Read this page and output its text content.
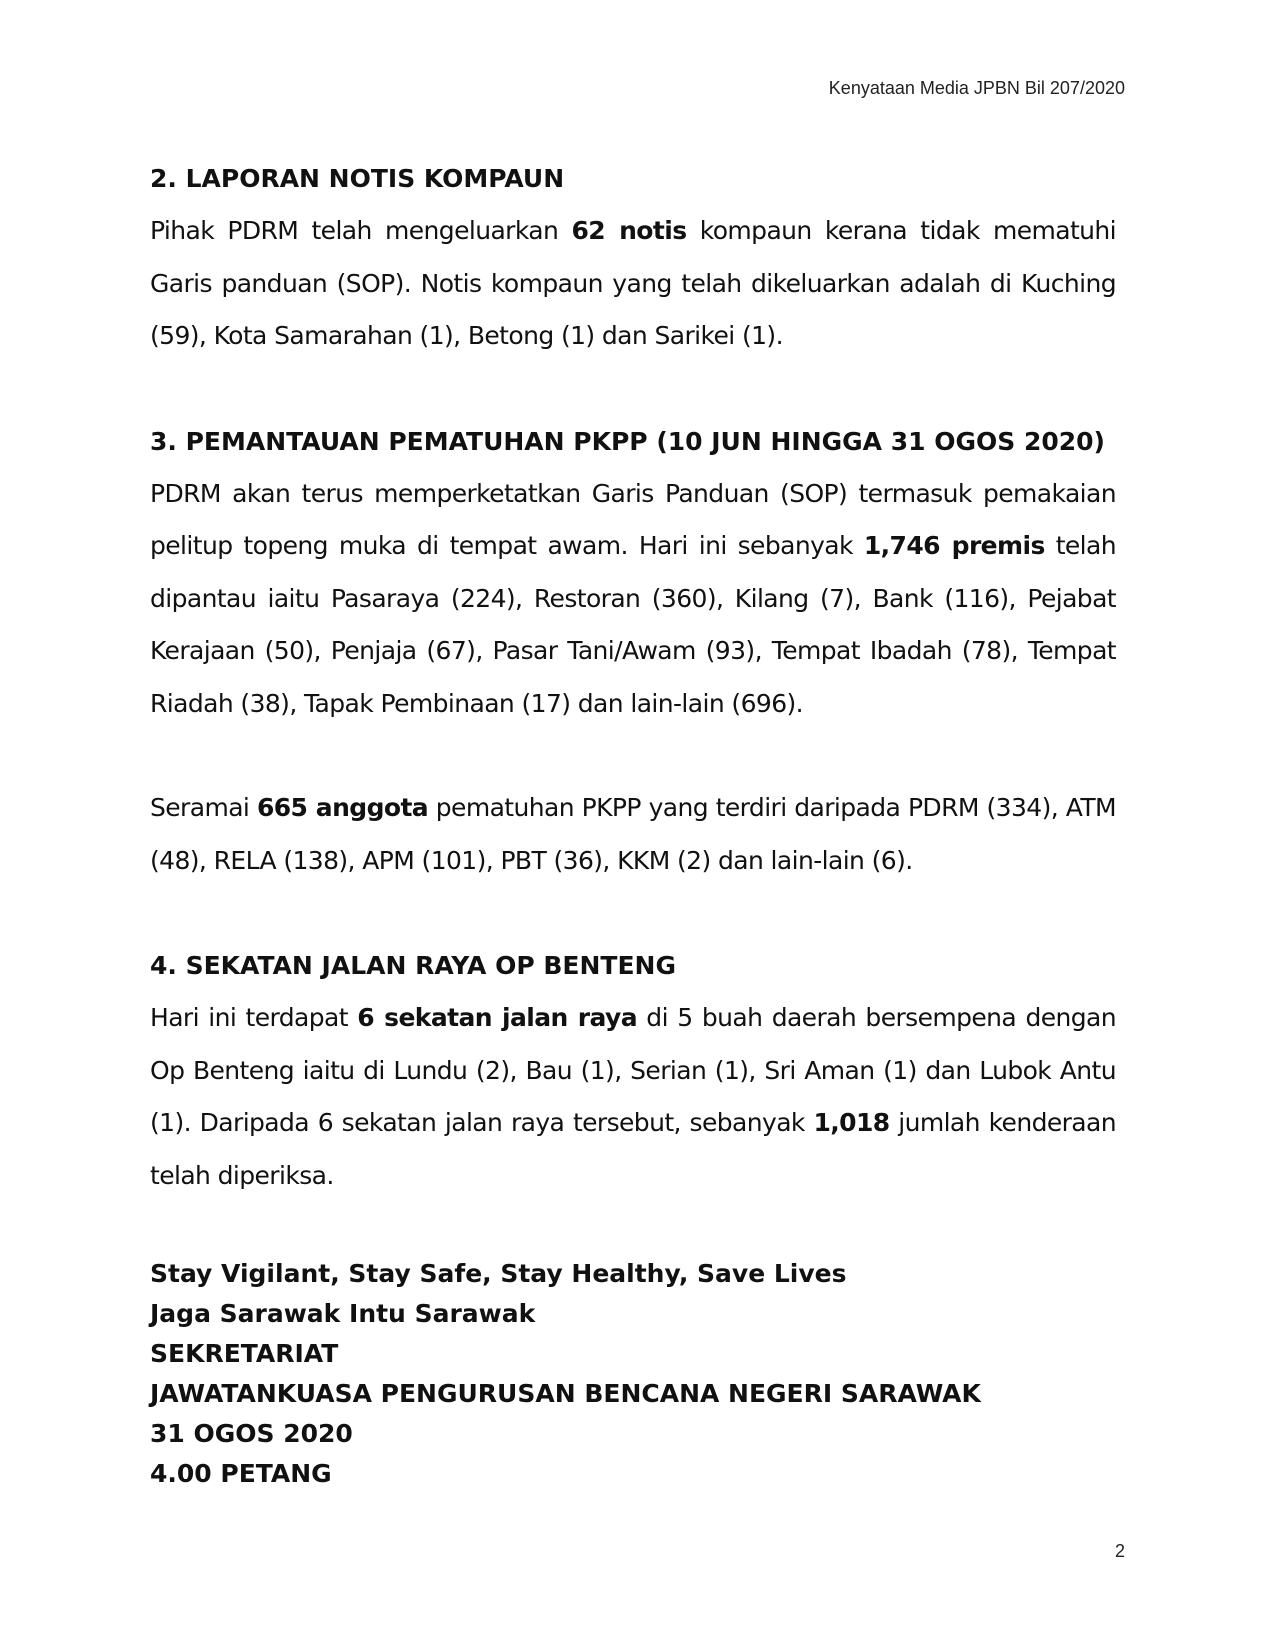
Kenyataan Media JPBN Bil 207/2020
2. LAPORAN NOTIS KOMPAUN

Pihak PDRM telah mengeluarkan 62 notis kompaun kerana tidak mematuhi Garis panduan (SOP). Notis kompaun yang telah dikeluarkan adalah di Kuching (59), Kota Samarahan (1), Betong (1) dan Sarikei (1).

3. PEMANTAUAN PEMATUHAN PKPP (10 JUN HINGGA 31 OGOS 2020)

PDRM akan terus memperketatkan Garis Panduan (SOP) termasuk pemakaian pelitup topeng muka di tempat awam. Hari ini sebanyak 1,746 premis telah dipantau iaitu Pasaraya (224), Restoran (360), Kilang (7), Bank (116), Pejabat Kerajaan (50), Penjaja (67), Pasar Tani/Awam (93), Tempat Ibadah (78), Tempat Riadah (38), Tapak Pembinaan (17) dan lain-lain (696).

Seramai 665 anggota pematuhan PKPP yang terdiri daripada PDRM (334), ATM (48), RELA (138), APM (101), PBT (36), KKM (2) dan lain-lain (6).

4. SEKATAN JALAN RAYA OP BENTENG

Hari ini terdapat 6 sekatan jalan raya di 5 buah daerah bersempena dengan Op Benteng iaitu di Lundu (2), Bau (1), Serian (1), Sri Aman (1) dan Lubok Antu (1). Daripada 6 sekatan jalan raya tersebut, sebanyak 1,018 jumlah kenderaan telah diperiksa.

Stay Vigilant, Stay Safe, Stay Healthy, Save Lives
Jaga Sarawak Intu Sarawak
SEKRETARIAT
JAWATANKUASA PENGURUSAN BENCANA NEGERI SARAWAK
31 OGOS 2020
4.00 PETANG
2
